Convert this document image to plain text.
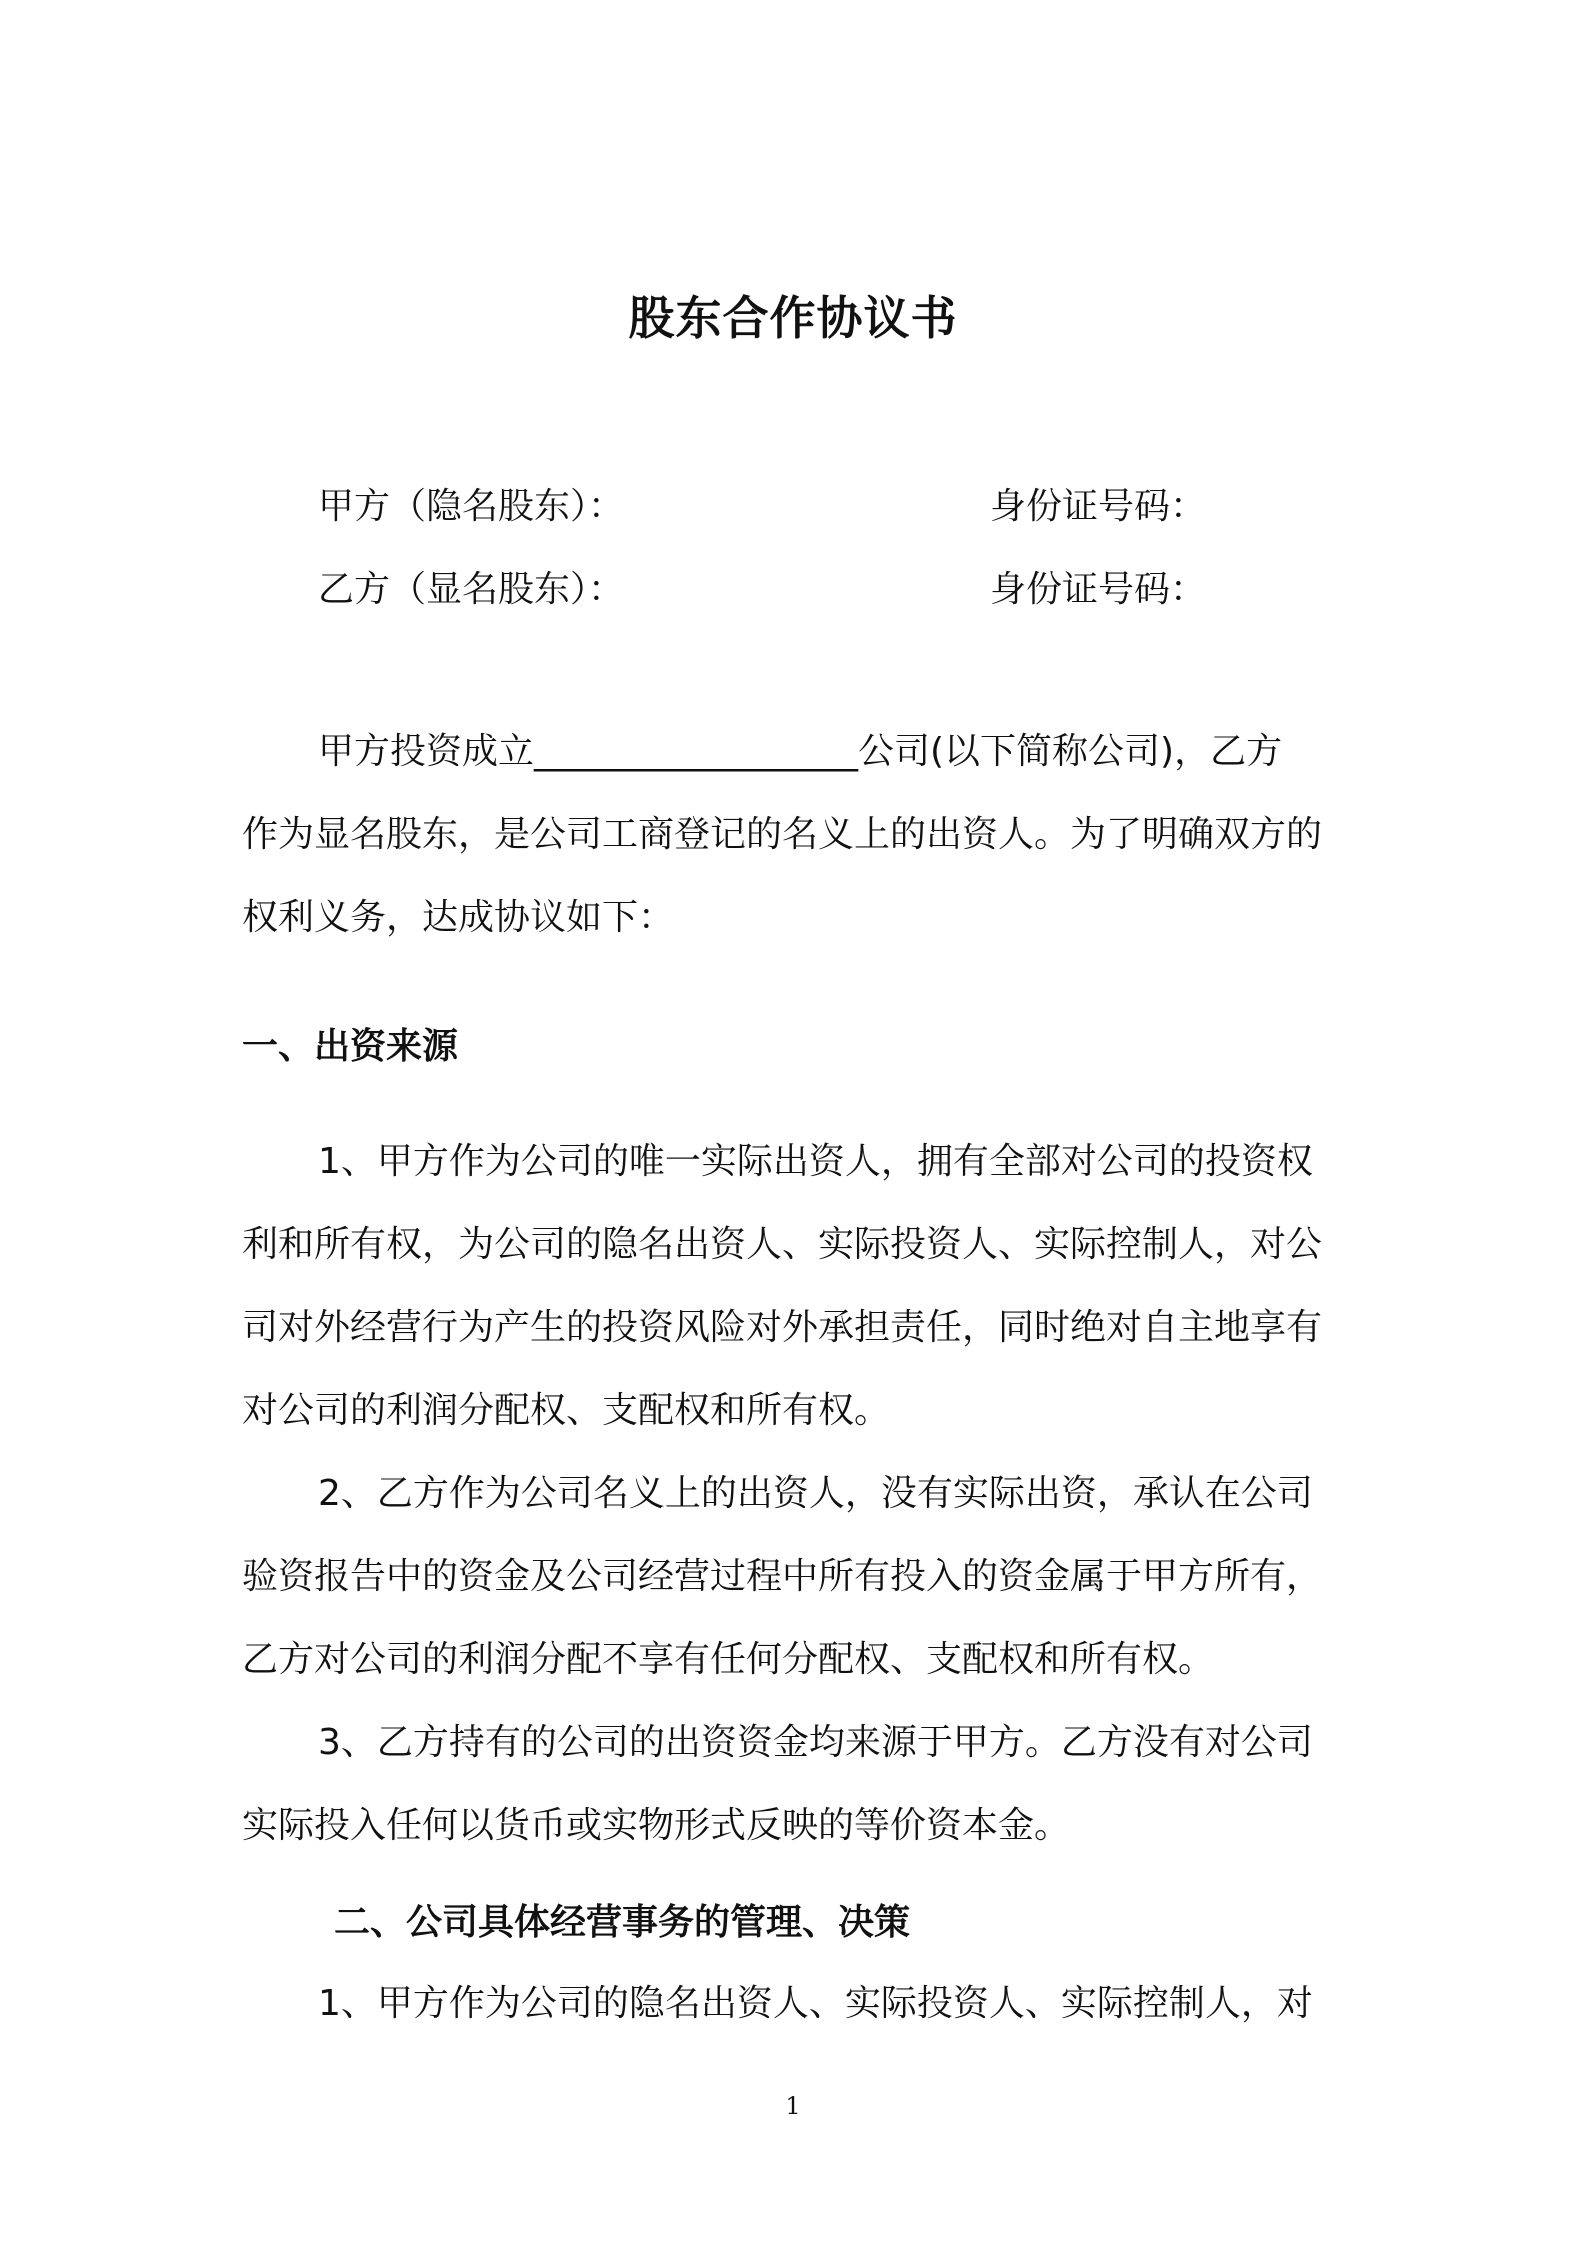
股东合作协议书
甲方（隐名股东）：	身份证号码：
乙方（显名股东）：	身份证号码：
甲方投资成立__________________公司(以下简称公司)，乙方
作为显名股东，是公司工商登记的名义上的出资人。为了明确双方的
权利义务，达成协议如下：
一、出资来源
1、甲方作为公司的唯一实际出资人，拥有全部对公司的投资权
利和所有权，为公司的隐名出资人、实际投资人、实际控制人，对公
司对外经营行为产生的投资风险对外承担责任，同时绝对自主地享有
对公司的利润分配权、支配权和所有权。
2、乙方作为公司名义上的出资人，没有实际出资，承认在公司
验资报告中的资金及公司经营过程中所有投入的资金属于甲方所有，
乙方对公司的利润分配不享有任何分配权、支配权和所有权。
3、乙方持有的公司的出资资金均来源于甲方。乙方没有对公司
实际投入任何以货币或实物形式反映的等价资本金。
二、公司具体经营事务的管理、决策
1、甲方作为公司的隐名出资人、实际投资人、实际控制人，对
1
